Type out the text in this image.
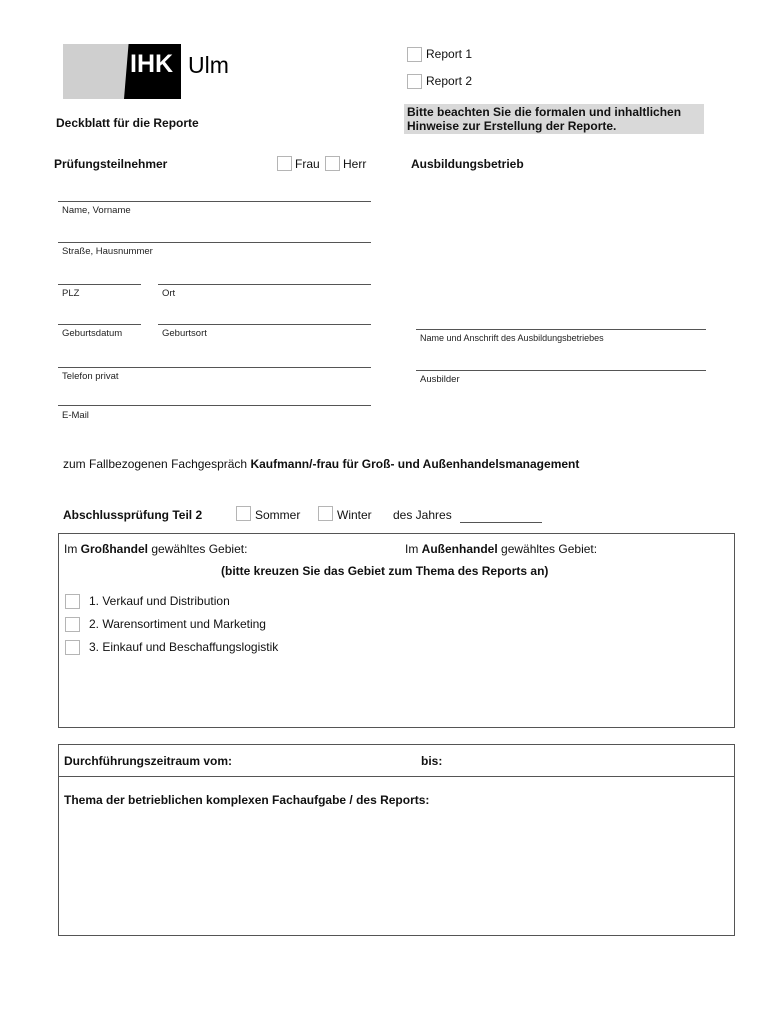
IHK Ulm	Report 1
Report 2
Bitte beachten Sie die formalen und inhaltlichen
Hinweise zur Erstellung der Reporte.
Deckblatt für die Reporte
Prüfungsteilnehmer	Frau Herr	Ausbildungsbetrieb
Name, Vorname
Straße, Hausnummer
PLZ	Ort
Geburtsdatum	Geburtsort
Telefon privat
E-Mail
Name und Anschrift des Ausbildungsbetriebes
Ausbilder
zum Fallbezogenen Fachgespräch Kaufmann/-frau für Groß- und Außenhandelsmanagement
Abschlussprüfung Teil 2	Sommer	Winter des Jahres
Im Großhandel gewähltes Gebiet:	Im Außenhandel gewähltes Gebiet:
(bitte kreuzen Sie das Gebiet zum Thema des Reports an)
1. Verkauf und Distribution
2. Warensortiment und Marketing
3. Einkauf und Beschaffungslogistik
Durchführungszeitraum vom:	bis:
Thema der betrieblichen komplexen Fachaufgabe / des Reports:
